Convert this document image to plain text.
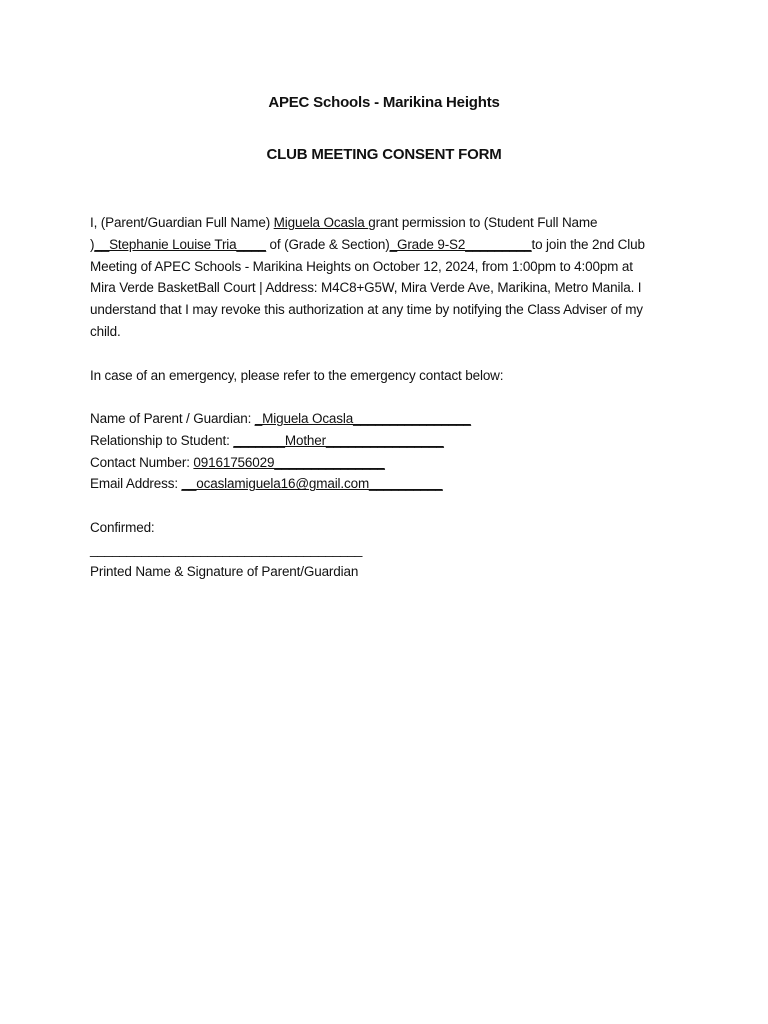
APEC Schools - Marikina Heights
CLUB MEETING CONSENT FORM
I, (Parent/Guardian Full Name) Miguela Ocasla grant permission to (Student Full Name
)__Stephanie Louise Tria____ of (Grade & Section)_Grade 9-S2_________to join the 2nd Club
Meeting of APEC Schools - Marikina Heights on October 12, 2024, from 1:00pm to 4:00pm at
Mira Verde BasketBall Court | Address: M4C8+G5W, Mira Verde Ave, Marikina, Metro Manila. I
understand that I may revoke this authorization at any time by notifying the Class Adviser of my
child.
In case of an emergency, please refer to the emergency contact below:
Name of Parent / Guardian: _Miguela Ocasla________________
Relationship to Student: _______Mother________________
Contact Number: 09161756029_______________
Email Address: __ocaslamiguela16@gmail.com__________
Confirmed:
_____________________________________
Printed Name & Signature of Parent/Guardian
